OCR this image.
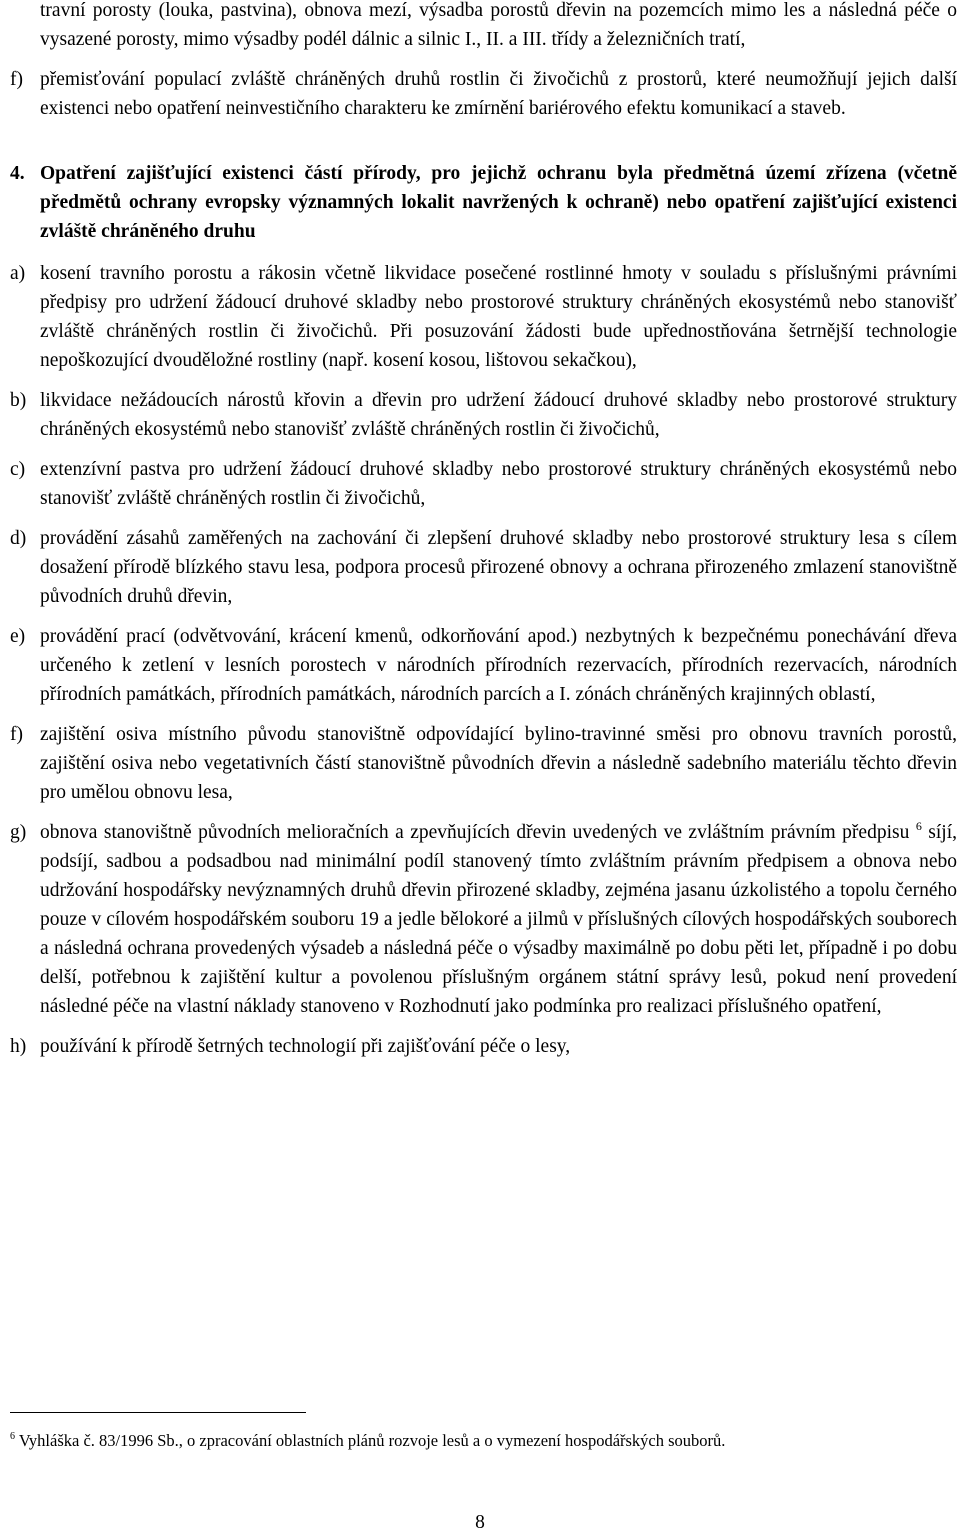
travní porosty (louka, pastvina), obnova mezí, výsadba porostů dřevin na pozemcích mimo les a následná péče o vysazené porosty, mimo výsadby podél dálnic a silnic I., II. a III. třídy a železničních tratí,

f) přemisťování populací zvláště chráněných druhů rostlin či živočichů z prostorů, které neumožňují jejich další existenci nebo opatření neinvestičního charakteru ke zmírnění bariérového efektu komunikací a staveb.
4. Opatření zajišťující existenci částí přírody, pro jejichž ochranu byla předmětná území zřízena (včetně předmětů ochrany evropsky významných lokalit navržených k ochraně) nebo opatření zajišťující existenci zvláště chráněného druhu
a) kosení travního porostu a rákosin včetně likvidace posečené rostlinné hmoty v souladu s příslušnými právními předpisy pro udržení žádoucí druhové skladby nebo prostorové struktury chráněných ekosystémů nebo stanovišť zvláště chráněných rostlin či živočichů. Při posuzování žádosti bude upřednostňována šetrnější technologie nepoškozující dvouděložné rostliny (např. kosení kosou, lištovou sekačkou),
b) likvidace nežádoucích nárostů křovin a dřevin pro udržení žádoucí druhové skladby nebo prostorové struktury chráněných ekosystémů nebo stanovišť zvláště chráněných rostlin či živočichů,
c) extenzívní pastva pro udržení žádoucí druhové skladby nebo prostorové struktury chráněných ekosystémů nebo stanovišť zvláště chráněných rostlin či živočichů,
d) provádění zásahů zaměřených na zachování či zlepšení druhové skladby nebo prostorové struktury lesa s cílem dosažení přírodě blízkého stavu lesa, podpora procesů přirozené obnovy a ochrana přirozeného zmlazení stanovištně původních druhů dřevin,
e) provádění prací (odvětvování, krácení kmenů, odkorňování apod.) nezbytných k bezpečnému ponechávání dřeva určeného k zetlení v lesních porostech v národních přírodních rezervacích, přírodních rezervacích, národních přírodních památkách, přírodních památkách, národních parcích a I. zónách chráněných krajinných oblastí,
f) zajištění osiva místního původu stanovištně odpovídající bylino-travinné směsi pro obnovu travních porostů, zajištění osiva nebo vegetativních částí stanovištně původních dřevin a následně sadebního materiálu těchto dřevin pro umělou obnovu lesa,
g) obnova stanovištně původních melioračních a zpevňujících dřevin uvedených ve zvláštním právním předpisu $^6$ síjí, podsíjí, sadbou a podsadbou nad minimální podíl stanovený tímto zvláštním právním předpisem a obnova nebo udržování hospodářsky nevýznamných druhů dřevin přirozené skladby, zejména jasanu úzkolistého a topolu černého pouze v cílovém hospodářském souboru 19 a jedle bělokoré a jilmů v příslušných cílových hospodářských souborech a následná ochrana provedených výsadeb a následná péče o výsadby maximálně po dobu pěti let, případně i po dobu delší, potřebnou k zajištění kultur a povolenou příslušným orgánem státní správy lesů, pokud není provedení následné péče na vlastní náklady stanoveno v Rozhodnutí jako podmínka pro realizaci příslušného opatření,
h) používání k přírodě šetrných technologií při zajišťování péče o lesy,
$^6$ Vyhláška č. 83/1996 Sb., o zpracování oblastních plánů rozvoje lesů a o vymezení hospodářských souborů.
8
